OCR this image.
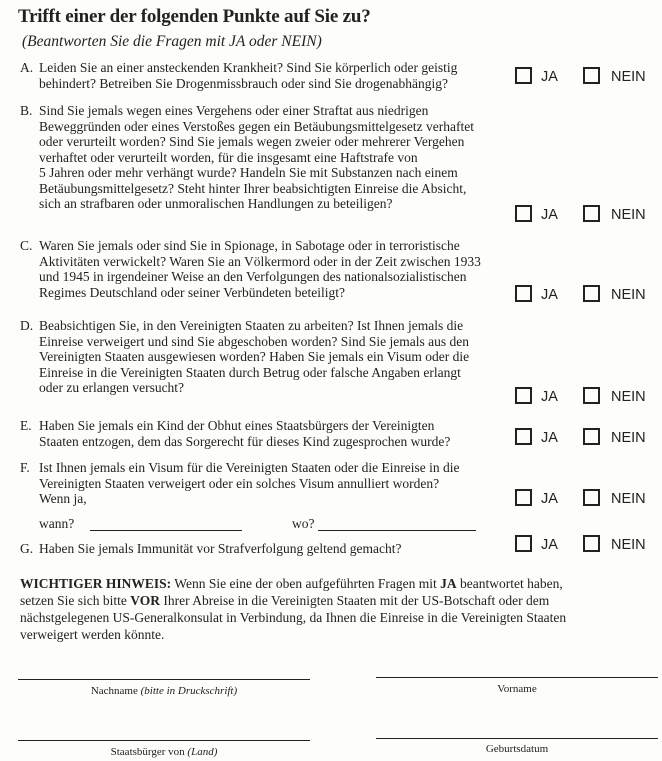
Trifft einer der folgenden Punkte auf Sie zu?
(Beantworten Sie die Fragen mit JA oder NEIN)
A. Leiden Sie an einer ansteckenden Krankheit? Sind Sie körperlich oder geistig
behindert? Betreiben Sie Drogenmissbrauch oder sind Sie drogenabhängig?	JA	NEIN
B. Sind Sie jemals wegen eines Vergehens oder einer Straftat aus niedrigen
Beweggründen oder eines Verstoßes gegen ein Betäubungsmittelgesetz verhaftet
oder verurteilt worden? Sind Sie jemals wegen zweier oder mehrerer Vergehen
verhaftet oder verurteilt worden, für die insgesamt eine Haftstrafe von
5 Jahren oder mehr verhängt wurde? Handeln Sie mit Substanzen nach einem
Betäubungsmittelgesetz? Steht hinter Ihrer beabsichtigten Einreise die Absicht,
sich an strafbaren oder unmoralischen Handlungen zu beteiligen?
JA	NEIN
C. Waren Sie jemals oder sind Sie in Spionage, in Sabotage oder in terroristische
Aktivitäten verwickelt? Waren Sie an Völkermord oder in der Zeit zwischen 1933
und 1945 in irgendeiner Weise an den Verfolgungen des nationalsozialistischen
Regimes Deutschland oder seiner Verbündeten beteiligt?	JA	NEIN
D. Beabsichtigen Sie, in den Vereinigten Staaten zu arbeiten? Ist Ihnen jemals die
Einreise verweigert und sind Sie abgeschoben worden? Sind Sie jemals aus den
Vereinigten Staaten ausgewiesen worden? Haben Sie jemals ein Visum oder die
Einreise in die Vereinigten Staaten durch Betrug oder falsche Angaben erlangt
oder zu erlangen versucht?
JA	NEIN
E. Haben Sie jemals ein Kind der Obhut eines Staatsbürgers der Vereinigten
Staaten entzogen, dem das Sorgerecht für dieses Kind zugesprochen wurde?	JA	NEIN
F. Ist Ihnen jemals ein Visum für die Vereinigten Staaten oder die Einreise in die
Vereinigten Staaten verweigert oder ein solches Visum annulliert worden?
Wenn ja,
wann?	wo?
JA	NEIN
G. Haben Sie jemals Immunität vor Strafverfolgung geltend gemacht?	JA	NEIN
WICHTIGER HINWEIS: Wenn Sie eine der oben aufgeführten Fragen mit JA beantwortet haben,
setzen Sie sich bitte VOR Ihrer Abreise in die Vereinigten Staaten mit der US-Botschaft oder dem
nächstgelegenen US-Generalkonsulat in Verbindung, da Ihnen die Einreise in die Vereinigten Staaten
verweigert werden könnte.
Nachname (bitte in Druckschrift)	Vorname
Staatsbürger von (Land)	Geburtsdatum
